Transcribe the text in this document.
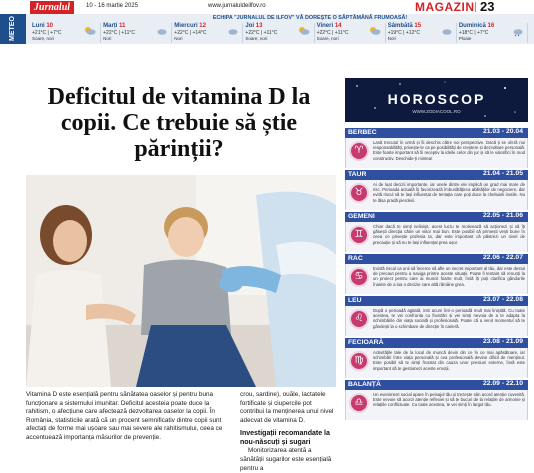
Jurnalul	10 - 16 martie 2025	www.jurnaluldeilfov.ro	MAGAZIN 23
METEO	ECHIPA "JURNALUL DE ILFOV" VĂ DOREȘTE O SĂPTĂMÂNĂ FRUMOASĂ!
Luni 10
+21°C | +7°C
Soare, nori
Marți 11
+22°C | +11°C
Nori
Miercuri 12
+22°C | +14°C
Nori
Joi 13
+22°C | +11°C
Soare, nori
Vineri 14
+22°C | +11°C
Soare, nori
Sâmbătă 15
+19°C | +12°C
Nori
Duminică 16
+18°C | +7°C
Ploaie
Deficitul de vitamina D la copii. Ce trebuie să știe părinții?
Vitamina D este esențială pentru sănătatea oaselor și pentru buna funcționare a sistemului imunitar. Deficitul acesteia poate duce la rahitism, o afecțiune care afectează dezvoltarea oaselor la copii. În România, statisticile arată că un procent semnificativ dintre copii sunt afectați de forme mai ușoare sau mai severe ale rahitismului, ceea ce accentuează importanța măsurilor de prevenție.
crou, sardine), ouăle, lactatele fortificate și ciupercile pot contribui la menținerea unui nivel adecvat de vitamina D.
Investigații recomandate la nou-născuți și sugari
Monitorizarea atentă a sănătății sugarilor este esențială pentru a
HOROSCOP
WWW.ZODIACOOL.RO
BERBEC	21.03 - 20.04
♈
Lasă trecutul în urmă și fii deschis către noi perspective. Dacă ți se oferă noi responsabilități, privește-le ca pe posibilități de creștere și dezvoltare personală. Este foarte important să fii receptiv la ideile celor din jur și să le valorifici în mod constructiv. Deschide-ți mintea!
TAUR	21.04 - 21.05
♉
Ai de luat decizii importante, iar unele dintre ele implică un grad mai mare de risc. Perioada actuală îți favorizează îmbunătățirea abilităților de negociere, dar evită riscul să te lași influențat de tentația care poți duce la cheltuieli inutile. Nu te lăsa pradă pierderii.
GEMENI	22.05 - 21.06
♊
Chiar dacă te simți nelinișit, acest lucru te motivează să acționezi și să îți găsești direcția către un viitor mai bun. Este posibil să primești vești bune în ceea ce privește profesia ta, dar este important că păstrezi un nivel de precauție și să nu te lași influențat prea ușor.
RAC	22.06 - 22.07
♋
Există riscul ca unii să încerce să afle un secret important al tău, dar este destul de precaut pentru a naviga printre aceste situații. Poate fi tentant să renunți la un proiect pentru care ai muncit foarte mult, însă îți poți clarifica gândurile înainte de a lua o decizie care altă rămâne grea.
LEU	23.07 - 22.08
♌
După o perioadă agitată, intri acum într-o perioadă mult mai liniștită. Cu toate acestea, te vei confrunta cu frustrări și vei simți nevoia de a te adapta la schimbările din viața socială și profesională. Poate că a venit momentul să te gândești la o schimbare de direcție în carieră.
FECIOARĂ	23.08 - 21.09
♍
Activitățile tale de la locul de muncă devin din ce în ce mai apăsătoare, iar schimbări între viața personală și cea profesională devine dificil de menținut. Este posibil să te simți frustrat din cauza unor presiuni externe, însă este important să te gestionezi aceste emoții.
BALANȚĂ	22.09 - 22.10
♎
Un eveniment social apare în peisajul tău și trezește sân acord atenție cuvenită. Este nevoie să acorzi atenție reflexiei și să te bucuri de la relațiile de armonie și relațiile conflictuale. Cu toate acestea, te vei simți în largul tău.
